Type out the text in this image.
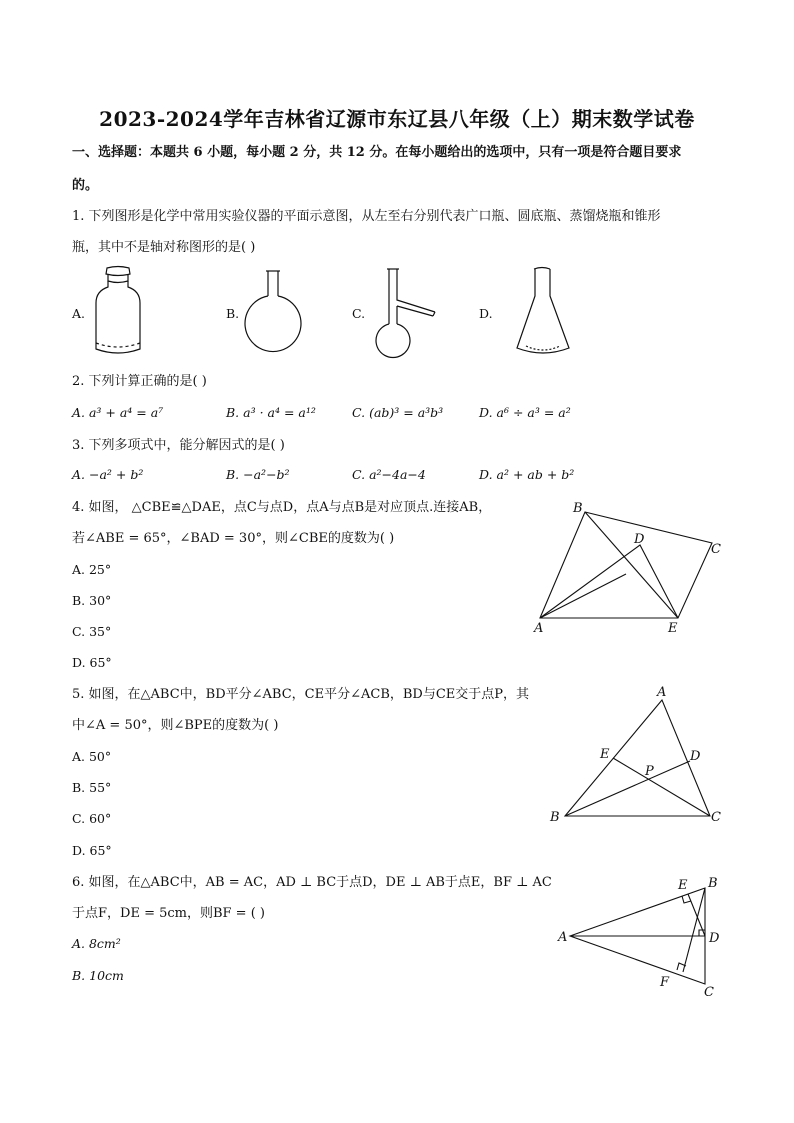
2023-2024学年吉林省辽源市东辽县八年级（上）期末数学试卷
一、选择题：本题共 6 小题，每小题 2 分，共 12 分。在每小题给出的选项中，只有一项是符合题目要求
的。
1. 下列图形是化学中常用实验仪器的平面示意图，从左至右分别代表广口瓶、圆底瓶、蒸馏烧瓶和锥形
瓶，其中不是轴对称图形的是( )
A.	B.	C.	D.
2. 下列计算正确的是( )
A. a³ + a⁴ = a⁷	B. a³ · a⁴ = a¹²	C. (ab)³ = a³b³	D. a⁶ ÷ a³ = a²
3. 下列多项式中，能分解因式的是( )
A. −a² + b²	B. −a²−b²	C. a²−4a−4	D. a² + ab + b²
4. 如图， △CBE≌△DAE，点C与点D，点A与点B是对应顶点.连接AB，
若∠ABE = 65°，∠BAD = 30°，则∠CBE的度数为( )
A. 25°
B. 30°
C. 35°
D. 65°
B
D
C
A	E
5. 如图，在△ABC中，BD平分∠ABC，CE平分∠ACB，BD与CE交于点P，其
中∠A = 50°，则∠BPE的度数为( )
A. 50°
B. 55°
C. 60°
D. 65°
A
E	D
P
B	C
6. 如图，在△ABC中，AB = AC，AD ⊥ BC于点D，DE ⊥ AB于点E，BF ⊥ AC
于点F，DE = 5cm，则BF = ( )
A. 8cm²
B. 10cm
E B
A	D
F
C
